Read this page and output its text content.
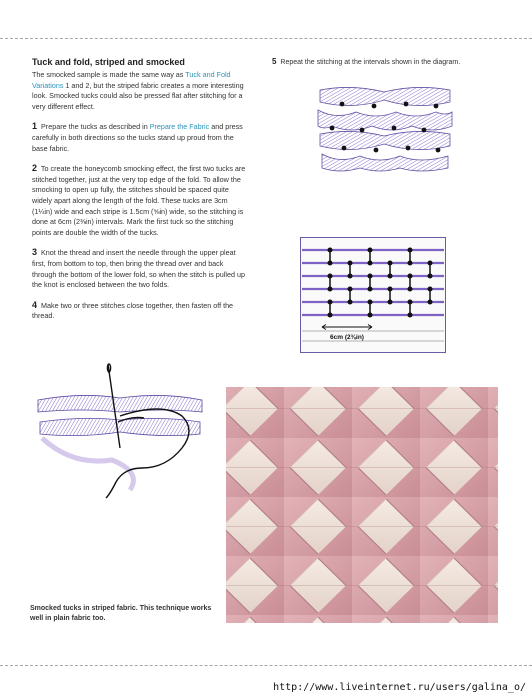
Tuck and fold, striped and smocked

The smocked sample is made the same way as Tuck and Fold Variations 1 and 2, but the striped fabric creates a more interesting look. Smocked tucks could also be pressed flat after stitching for a very different effect.

1 Prepare the tucks as described in Prepare the Fabric and press carefully in both directions so the tucks stand up proud from the base fabric.

2 To create the honeycomb smocking effect, the first two tucks are stitched together, just at the very top edge of the fold. To allow the smocking to open up fully, the stitches should be spaced quite widely apart along the length of the fold. These tucks are 3cm (1¼in) wide and each stripe is 1.5cm (⅝in) wide, so the stitching is done at 6cm (2⅜in) intervals. Mark the first tuck so the stitching points are double the width of the tucks.

3 Knot the thread and insert the needle through the upper pleat first, from bottom to top, then bring the thread over and back through the bottom of the lower fold, so when the stitch is pulled up the knot is enclosed between the two folds.

4 Make two or three stitches close together, then fasten off the thread.

5 Repeat the stitching at the intervals shown in the diagram.
6cm (2⅜in)
Smocked tucks in striped fabric. This technique works well in plain fabric too.
http://www.liveinternet.ru/users/galina_o/
